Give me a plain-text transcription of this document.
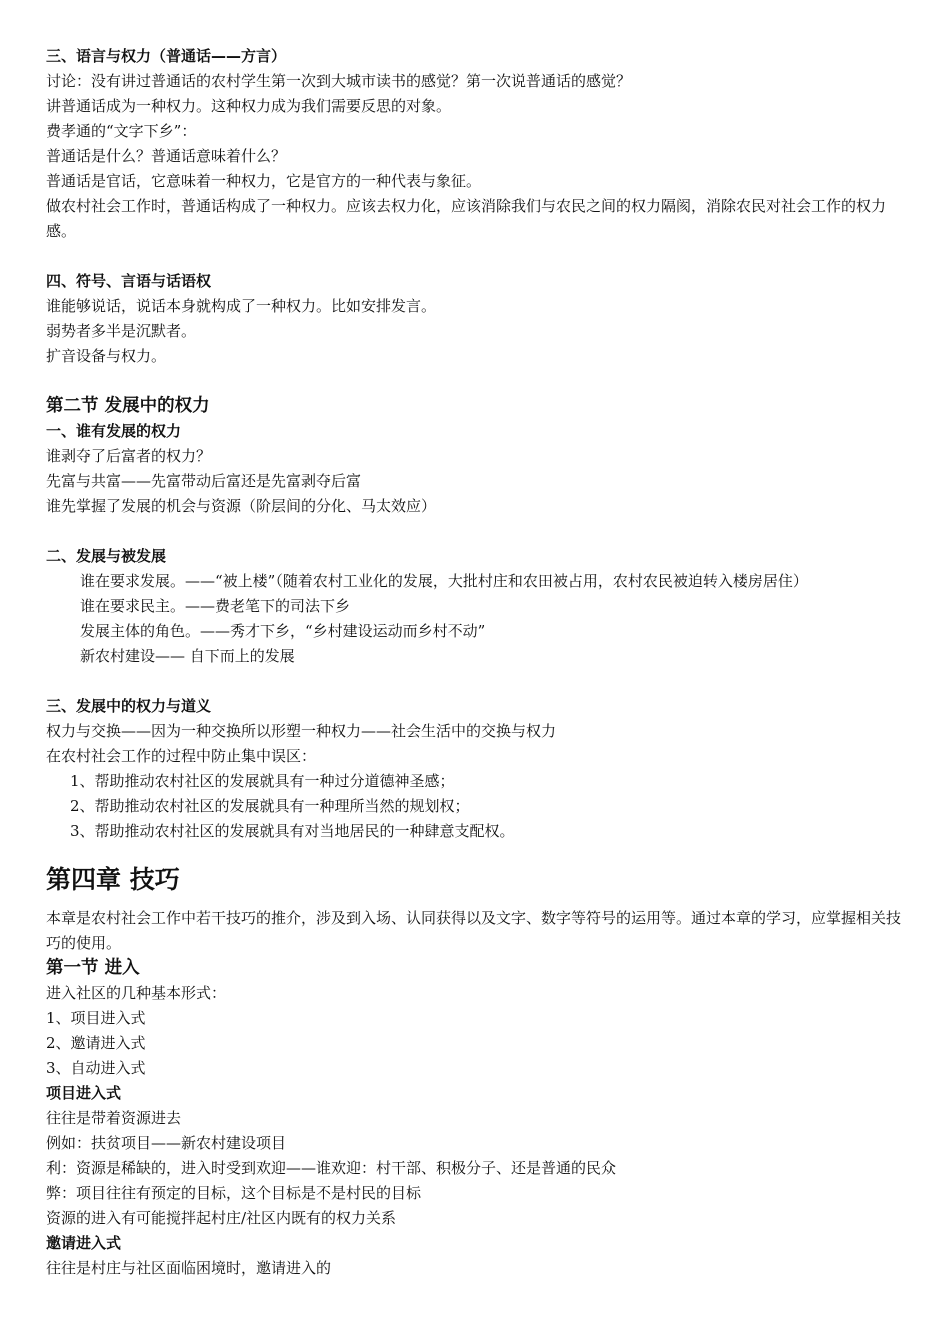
三、语言与权力（普通话——方言）
讨论：没有讲过普通话的农村学生第一次到大城市读书的感觉？第一次说普通话的感觉？
讲普通话成为一种权力。这种权力成为我们需要反思的对象。
费孝通的“文字下乡”：
普通话是什么？普通话意味着什么？
普通话是官话，它意味着一种权力，它是官方的一种代表与象征。
做农村社会工作时，普通话构成了一种权力。应该去权力化，应该消除我们与农民之间的权力隔阂，消除农民对社会工作的权力感。
四、符号、言语与话语权
谁能够说话，说话本身就构成了一种权力。比如安排发言。
弱势者多半是沉默者。
扩音设备与权力。
第二节 发展中的权力
一、谁有发展的权力
谁剥夺了后富者的权力？
先富与共富——先富带动后富还是先富剥夺后富
谁先掌握了发展的机会与资源（阶层间的分化、马太效应）
二、发展与被发展
谁在要求发展。——“被上楼”（随着农村工业化的发展，大批村庄和农田被占用，农村农民被迫转入楼房居住）
谁在要求民主。——费老笔下的司法下乡
发展主体的角色。——秀才下乡，“乡村建设运动而乡村不动”
新农村建设—— 自下而上的发展
三、发展中的权力与道义
权力与交换——因为一种交换所以形塑一种权力——社会生活中的交换与权力
在农村社会工作的过程中防止集中误区：
1、帮助推动农村社区的发展就具有一种过分道德神圣感；
2、帮助推动农村社区的发展就具有一种理所当然的规划权；
3、帮助推动农村社区的发展就具有对当地居民的一种肆意支配权。
第四章 技巧
本章是农村社会工作中若干技巧的推介，涉及到入场、认同获得以及文字、数字等符号的运用等。通过本章的学习，应掌握相关技巧的使用。
第一节 进入
进入社区的几种基本形式：
1、项目进入式
2、邀请进入式
3、自动进入式
项目进入式
往往是带着资源进去
例如：扶贫项目——新农村建设项目
利：资源是稀缺的，进入时受到欢迎——谁欢迎：村干部、积极分子、还是普通的民众
弊：项目往往有预定的目标，这个目标是不是村民的目标
资源的进入有可能搅拌起村庄/社区内既有的权力关系
邀请进入式
往往是村庄与社区面临困境时，邀请进入的
